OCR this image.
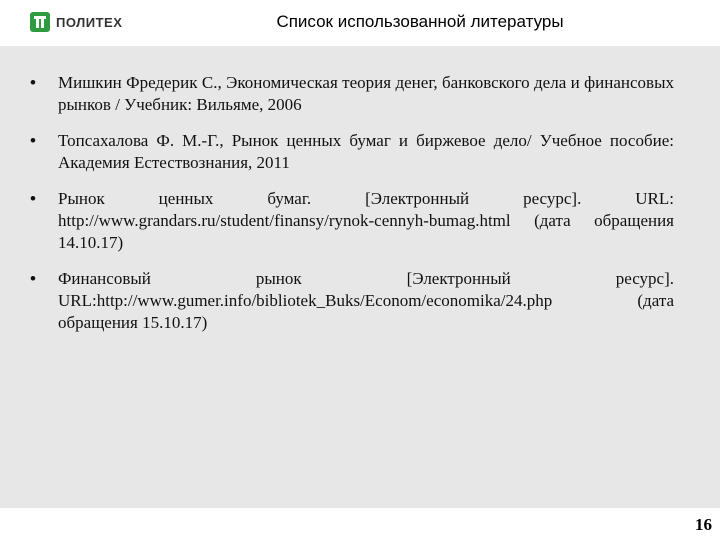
ПОЛИТЕХ	Список использованной литературы
• Мишкин Фредерик С., Экономическая теория денег, банковского дела и финансовых рынков / Учебник: Вильяме, 2006
• Топсахалова Ф. М.-Г., Рынок ценных бумаг и биржевое дело/ Учебное пособие: Академия Естествознания, 2011
• Рынок ценных бумаг. [Электронный ресурс]. URL: http://www.grandars.ru/student/finansy/rynok-cennyh-bumag.html (дата обращения 14.10.17)
• Финансовый рынок [Электронный ресурс]. URL:http://www.gumer.info/bibliotek_Buks/Econom/economika/24.php (дата обращения 15.10.17)
16
